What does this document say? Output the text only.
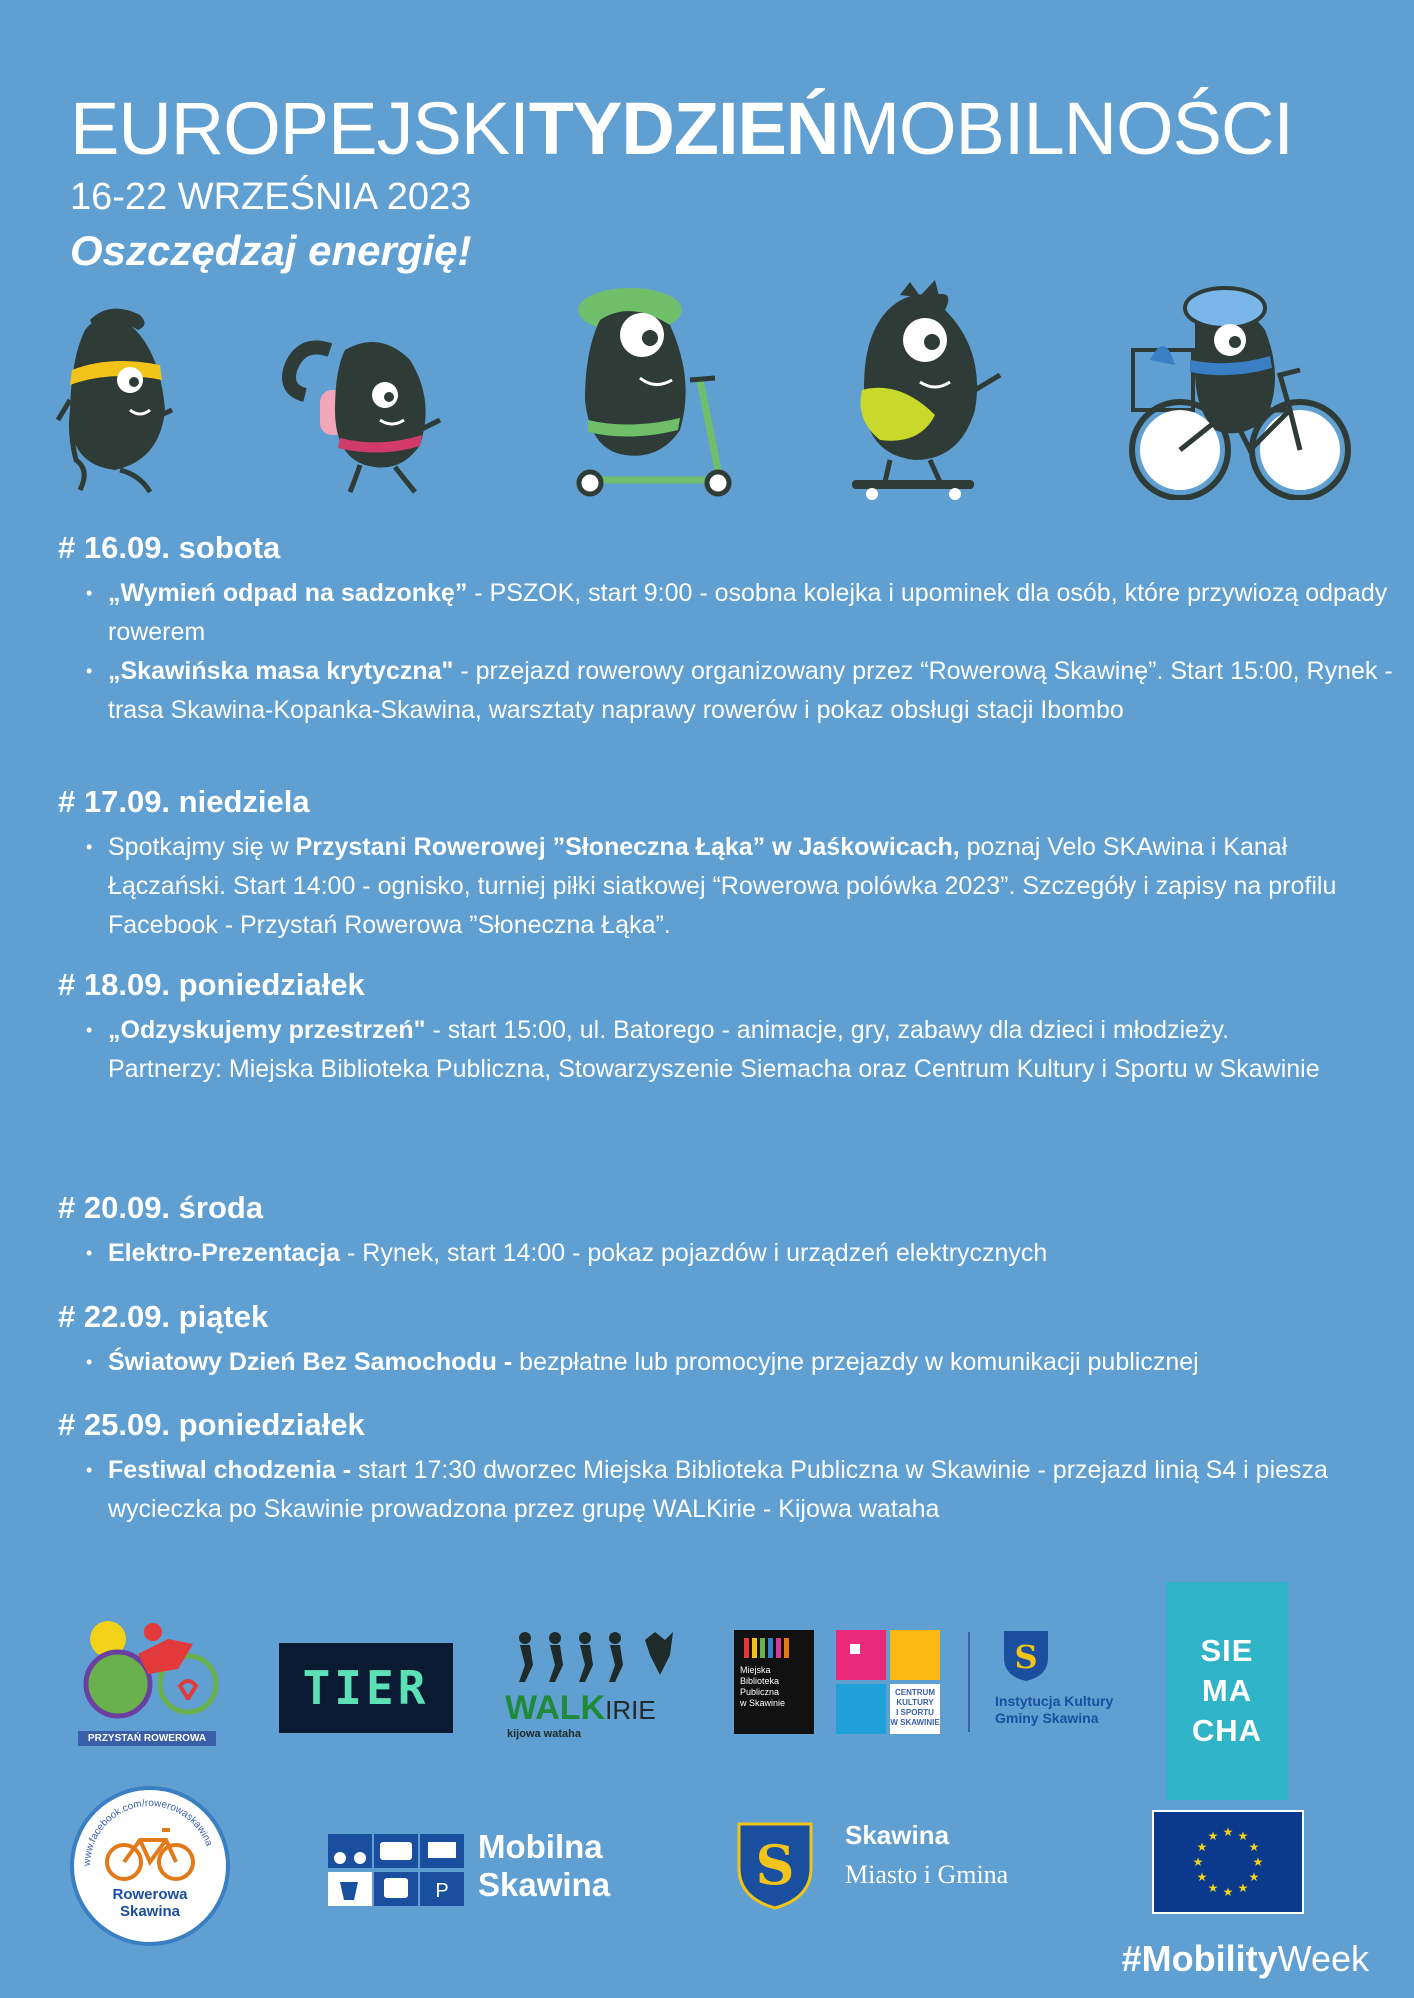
EUROPEJSKITYDZIEŃMOBILNOŚCI
16-22 WRZEŚNIA 2023
Oszczędzaj energię!
# 16.09. sobota
• „Wymień odpad na sadzonkę” - PSZOK, start 9:00 - osobna kolejka i upominek dla osób, które przywiozą odpady rowerem
• „Skawińska masa krytyczna" - przejazd rowerowy organizowany przez “Rowerową Skawinę”. Start 15:00, Rynek - trasa Skawina-Kopanka-Skawina, warsztaty naprawy rowerów i pokaz obsługi stacji Ibombo
# 17.09. niedziela
• Spotkajmy się w Przystani Rowerowej ”Słoneczna Łąka” w Jaśkowicach, poznaj Velo SKAwina i Kanał Łączański. Start 14:00 - ognisko, turniej piłki siatkowej “Rowerowa polówka 2023”. Szczegóły i zapisy na profilu Facebook - Przystań Rowerowa ”Słoneczna Łąka”.
# 18.09. poniedziałek
• „Odzyskujemy przestrzeń" - start 15:00, ul. Batorego - animacje, gry, zabawy dla dzieci i młodzieży.
Partnerzy: Miejska Biblioteka Publiczna, Stowarzyszenie Siemacha oraz Centrum Kultury i Sportu w Skawinie
# 20.09. środa
• Elektro-Prezentacja - Rynek, start 14:00 - pokaz pojazdów i urządzeń elektrycznych
# 22.09. piątek
• Światowy Dzień Bez Samochodu - bezpłatne lub promocyjne przejazdy w komunikacji publicznej
# 25.09. poniedziałek
• Festiwal chodzenia - start 17:30 dworzec Miejska Biblioteka Publiczna w Skawinie - przejazd linią S4 i piesza wycieczka po Skawinie prowadzona przez grupę WALKirie - Kijowa wataha
PRZYSTAŃ ROWEROWA
TIER WALKIRIE
kijowa wataha
Miejska
Biblioteka
Publiczna
w Skawinie
CENTRUM
KULTURY
I SPORTU
W SKAWINIE
S
Instytucja Kultury
Gminy Skawina
SIE
MA
CHA
www.facebook.com/rowerowaskawina
Rowerowa
Skawina
P
Mobilna
Skawina	S Skawina
Miasto i Gmina
★ ★
★
★
★
★
★
★
★
★
★
★
#MobilityWeek
